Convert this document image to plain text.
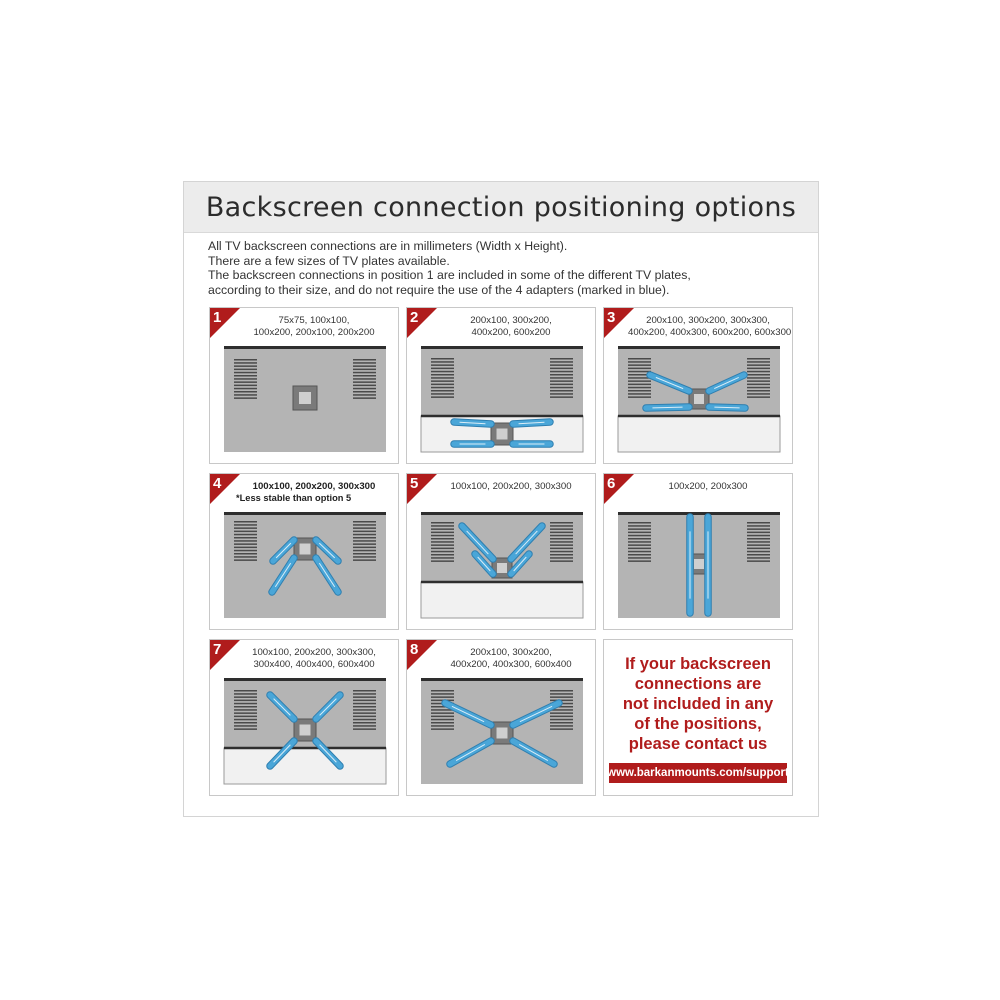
Backscreen connection positioning options
All TV backscreen connections are in millimeters (Width x Height).
There are a few sizes of TV plates available.
The backscreen connections in position 1 are included in some of the different TV plates,
according to their size, and do not require the use of the 4 adapters (marked in blue).
1	75x75, 100x100,
100x200, 200x100, 200x200
2	200x100, 300x200,
400x200, 600x200
3	200x100, 300x200, 300x300,
400x200, 400x300, 600x200, 600x300
4	100x100, 200x200, 300x300
*Less stable than option 5
5	100x100, 200x200, 300x300	6	100x200, 200x300
7	100x100, 200x200, 300x300,
300x400, 400x400, 600x400
8	200x100, 300x200,
400x200, 400x300, 600x400	If your backscreen
connections are
not included in any
of the positions,
please contact us
www.barkanmounts.com/support
